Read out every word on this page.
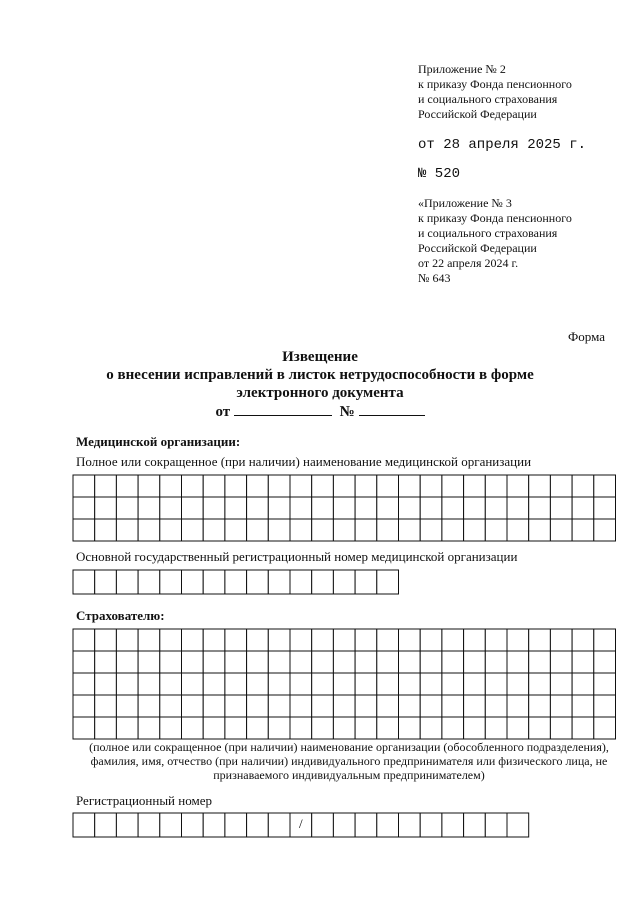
Приложение № 2
к приказу Фонда пенсионного
и социального страхования
Российской Федерации
от 28 апреля 2025 г.
№ 520
«Приложение № 3
к приказу Фонда пенсионного
и социального страхования
Российской Федерации
от 22 апреля 2024 г.
№ 643
Форма
Извещение
о внесении исправлений в листок нетрудоспособности в форме
электронного документа
от	№
Медицинской организации:
Полное или сокращенное (при наличии) наименование медицинской организации
Основной государственный регистрационный номер медицинской организации
Страхователю:
(полное или сокращенное (при наличии) наименование организации (обособленного подразделения),
фамилия, имя, отчество (при наличии) индивидуального предпринимателя или физического лица, не
признаваемого индивидуальным предпринимателем)
Регистрационный номер
/
